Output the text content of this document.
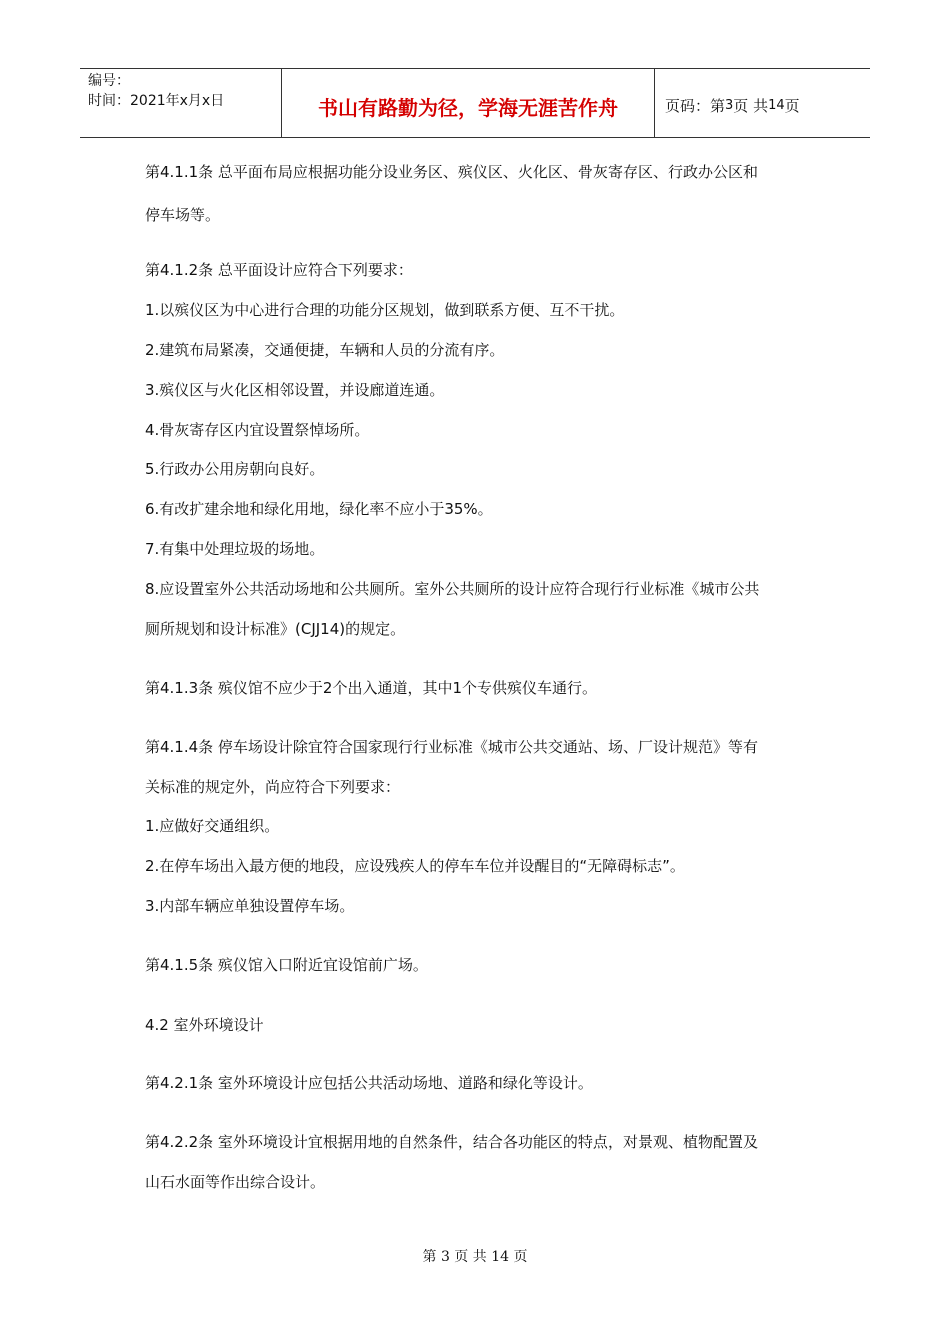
编号：
时间：2021年x月x日	书山有路勤为径，学海无涯苦作舟	页码：第 3 页 共 14 页
第4.1.1条 总平面布局应根据功能分设业务区、殡仪区、火化区、骨灰寄存区、行政办公区和
停车场等。
第4.1.2条 总平面设计应符合下列要求：
1.以殡仪区为中心进行合理的功能分区规划，做到联系方便、互不干扰。
2.建筑布局紧凑，交通便捷，车辆和人员的分流有序。
3.殡仪区与火化区相邻设置，并设廊道连通。
4.骨灰寄存区内宜设置祭悼场所。
5.行政办公用房朝向良好。
6.有改扩建余地和绿化用地，绿化率不应小于35%。
7.有集中处理垃圾的场地。
8.应设置室外公共活动场地和公共厕所。室外公共厕所的设计应符合现行行业标准《城市公共
厕所规划和设计标准》(CJJ14)的规定。
第4.1.3条 殡仪馆不应少于2个出入通道，其中1个专供殡仪车通行。
第4.1.4条 停车场设计除宜符合国家现行行业标准《城市公共交通站、场、厂设计规范》等有
关标准的规定外，尚应符合下列要求：
1.应做好交通组织。
2.在停车场出入最方便的地段，应设残疾人的停车车位并设醒目的“无障碍标志”。
3.内部车辆应单独设置停车场。
第4.1.5条 殡仪馆入口附近宜设馆前广场。
4.2 室外环境设计
第4.2.1条 室外环境设计应包括公共活动场地、道路和绿化等设计。
第4.2.2条 室外环境设计宜根据用地的自然条件，结合各功能区的特点，对景观、植物配置及
山石水面等作出综合设计。
第 3 页 共 14 页
